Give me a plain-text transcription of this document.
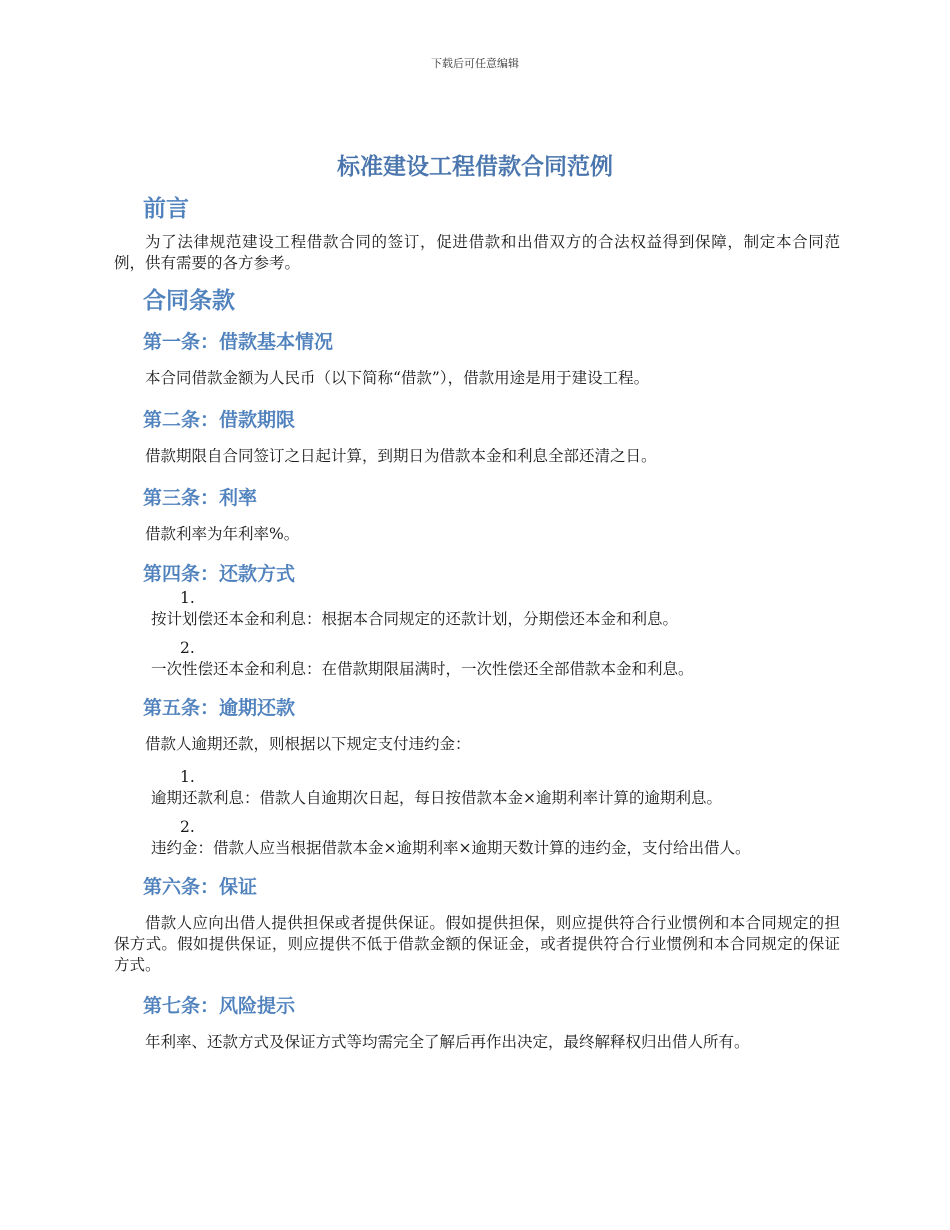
下载后可任意编辑
标准建设工程借款合同范例
前言

为了法律规范建设工程借款合同的签订，促进借款和出借双方的合法权益得到保障，制定本合同范例，供有需要的各方参考。

合同条款
第一条：借款基本情况

本合同借款金额为人民币（以下简称“借款”），借款用途是用于建设工程。

第二条：借款期限

借款期限自合同签订之日起计算，到期日为借款本金和利息全部还清之日。

第三条：利率

借款利率为年利率%。

第四条：还款方式
1.
按计划偿还本金和利息：根据本合同规定的还款计划，分期偿还本金和利息。
2.
一次性偿还本金和利息：在借款期限届满时，一次性偿还全部借款本金和利息。
第五条：逾期还款

借款人逾期还款，则根据以下规定支付违约金：

1.
逾期还款利息：借款人自逾期次日起，每日按借款本金×逾期利率计算的逾期利息。
2.
违约金：借款人应当根据借款本金×逾期利率×逾期天数计算的违约金，支付给出借人。
第六条：保证

借款人应向出借人提供担保或者提供保证。假如提供担保，则应提供符合行业惯例和本合同规定的担保方式。假如提供保证，则应提供不低于借款金额的保证金，或者提供符合行业惯例和本合同规定的保证方式。

第七条：风险提示

年利率、还款方式及保证方式等均需完全了解后再作出决定，最终解释权归出借人所有。
